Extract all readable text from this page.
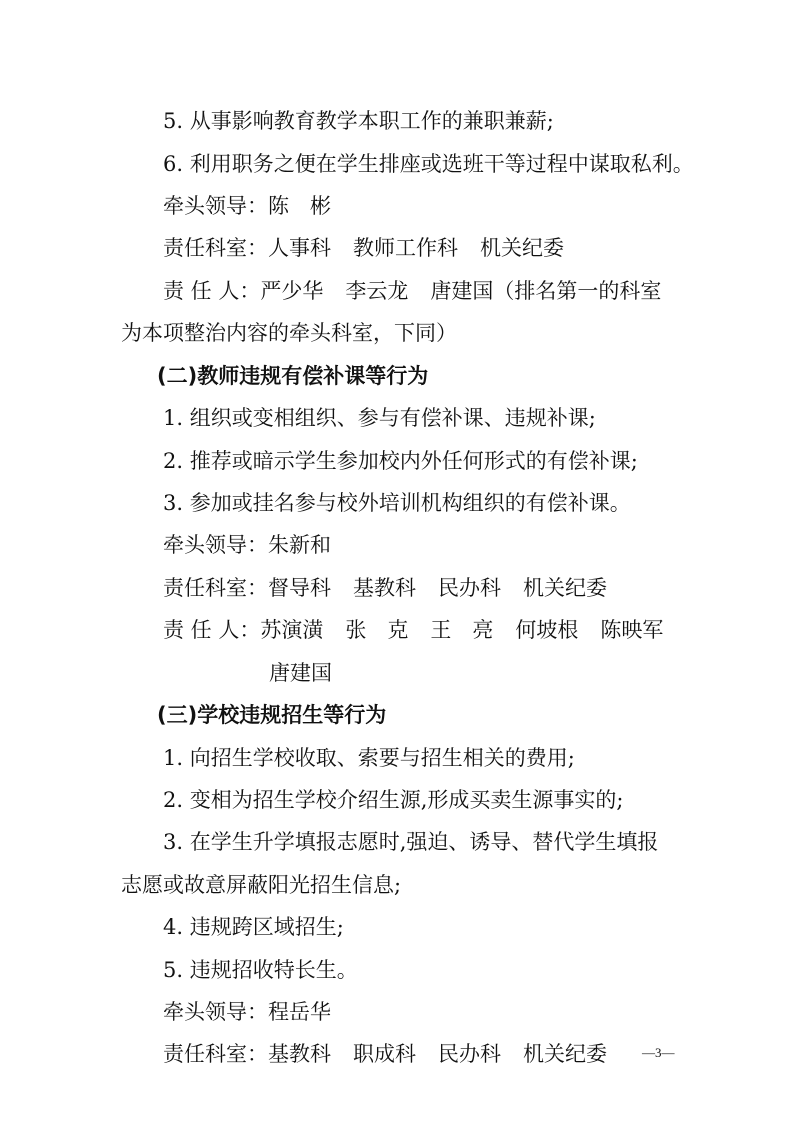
5. 从事影响教育教学本职工作的兼职兼薪;

6. 利用职务之便在学生排座或选班干等过程中谋取私利。

牵头领导：陈　彬

责任科室：人事科 教师工作科 机关纪委

责 任 人：严少华 李云龙 唐建国（排名第一的科室

为本项整治内容的牵头科室，下同）

(二)教师违规有偿补课等行为

1. 组织或变相组织、参与有偿补课、违规补课;

2. 推荐或暗示学生参加校内外任何形式的有偿补课;

3. 参加或挂名参与校外培训机构组织的有偿补课。

牵头领导：朱新和

责任科室：督导科 基教科 民办科 机关纪委

责 任 人：苏演潢 张　克 王　亮 何坡根 陈映军

唐建国

(三)学校违规招生等行为

1. 向招生学校收取、索要与招生相关的费用;

2. 变相为招生学校介绍生源,形成买卖生源事实的;

3. 在学生升学填报志愿时,强迫、诱导、替代学生填报

志愿或故意屏蔽阳光招生信息;

4. 违规跨区域招生;

5. 违规招收特长生。

牵头领导：程岳华

责任科室：基教科 职成科 民办科 机关纪委	—3—
